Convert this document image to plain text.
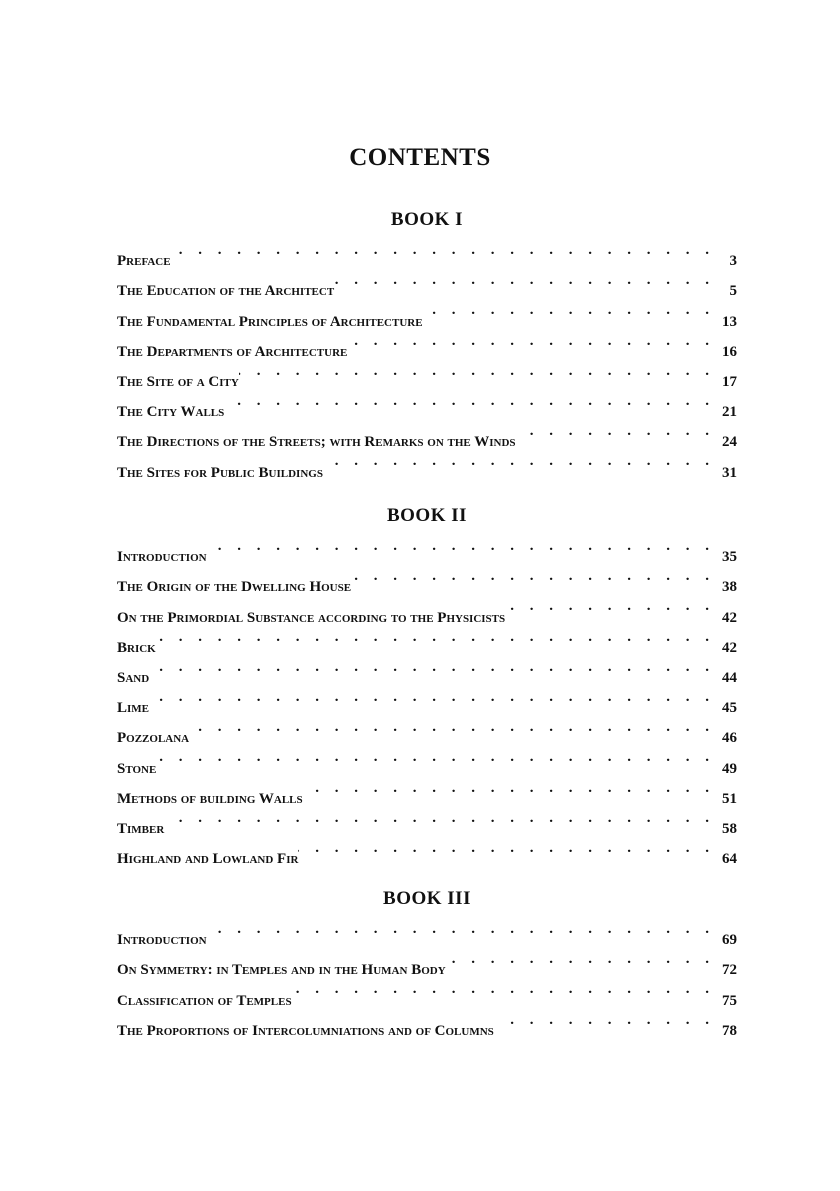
CONTENTS
BOOK I
Preface . . .	3
The Education of the Architect . . .	5
The Fundamental Principles of Architecture . . .	13
The Departments of Architecture . . .	16
The Site of a City . . .	17
The City Walls . . .	21
The Directions of the Streets; with Remarks on the Winds . . .	24
The Sites for Public Buildings . . .	31
BOOK II
Introduction . . .	35
The Origin of the Dwelling House . . .	38
On the Primordial Substance according to the Physicists . . .	42
Brick . . .	42
Sand . . .	44
Lime . . .	45
Pozzolana . . .	46
Stone . . .	49
Methods of building Walls . . .	51
Timber . . .	58
Highland and Lowland Fir . . .	64
BOOK III
Introduction . . .	69
On Symmetry: in Temples and in the Human Body . . .	72
Classification of Temples . . .	75
The Proportions of Intercolumniations and of Columns . . .	78
